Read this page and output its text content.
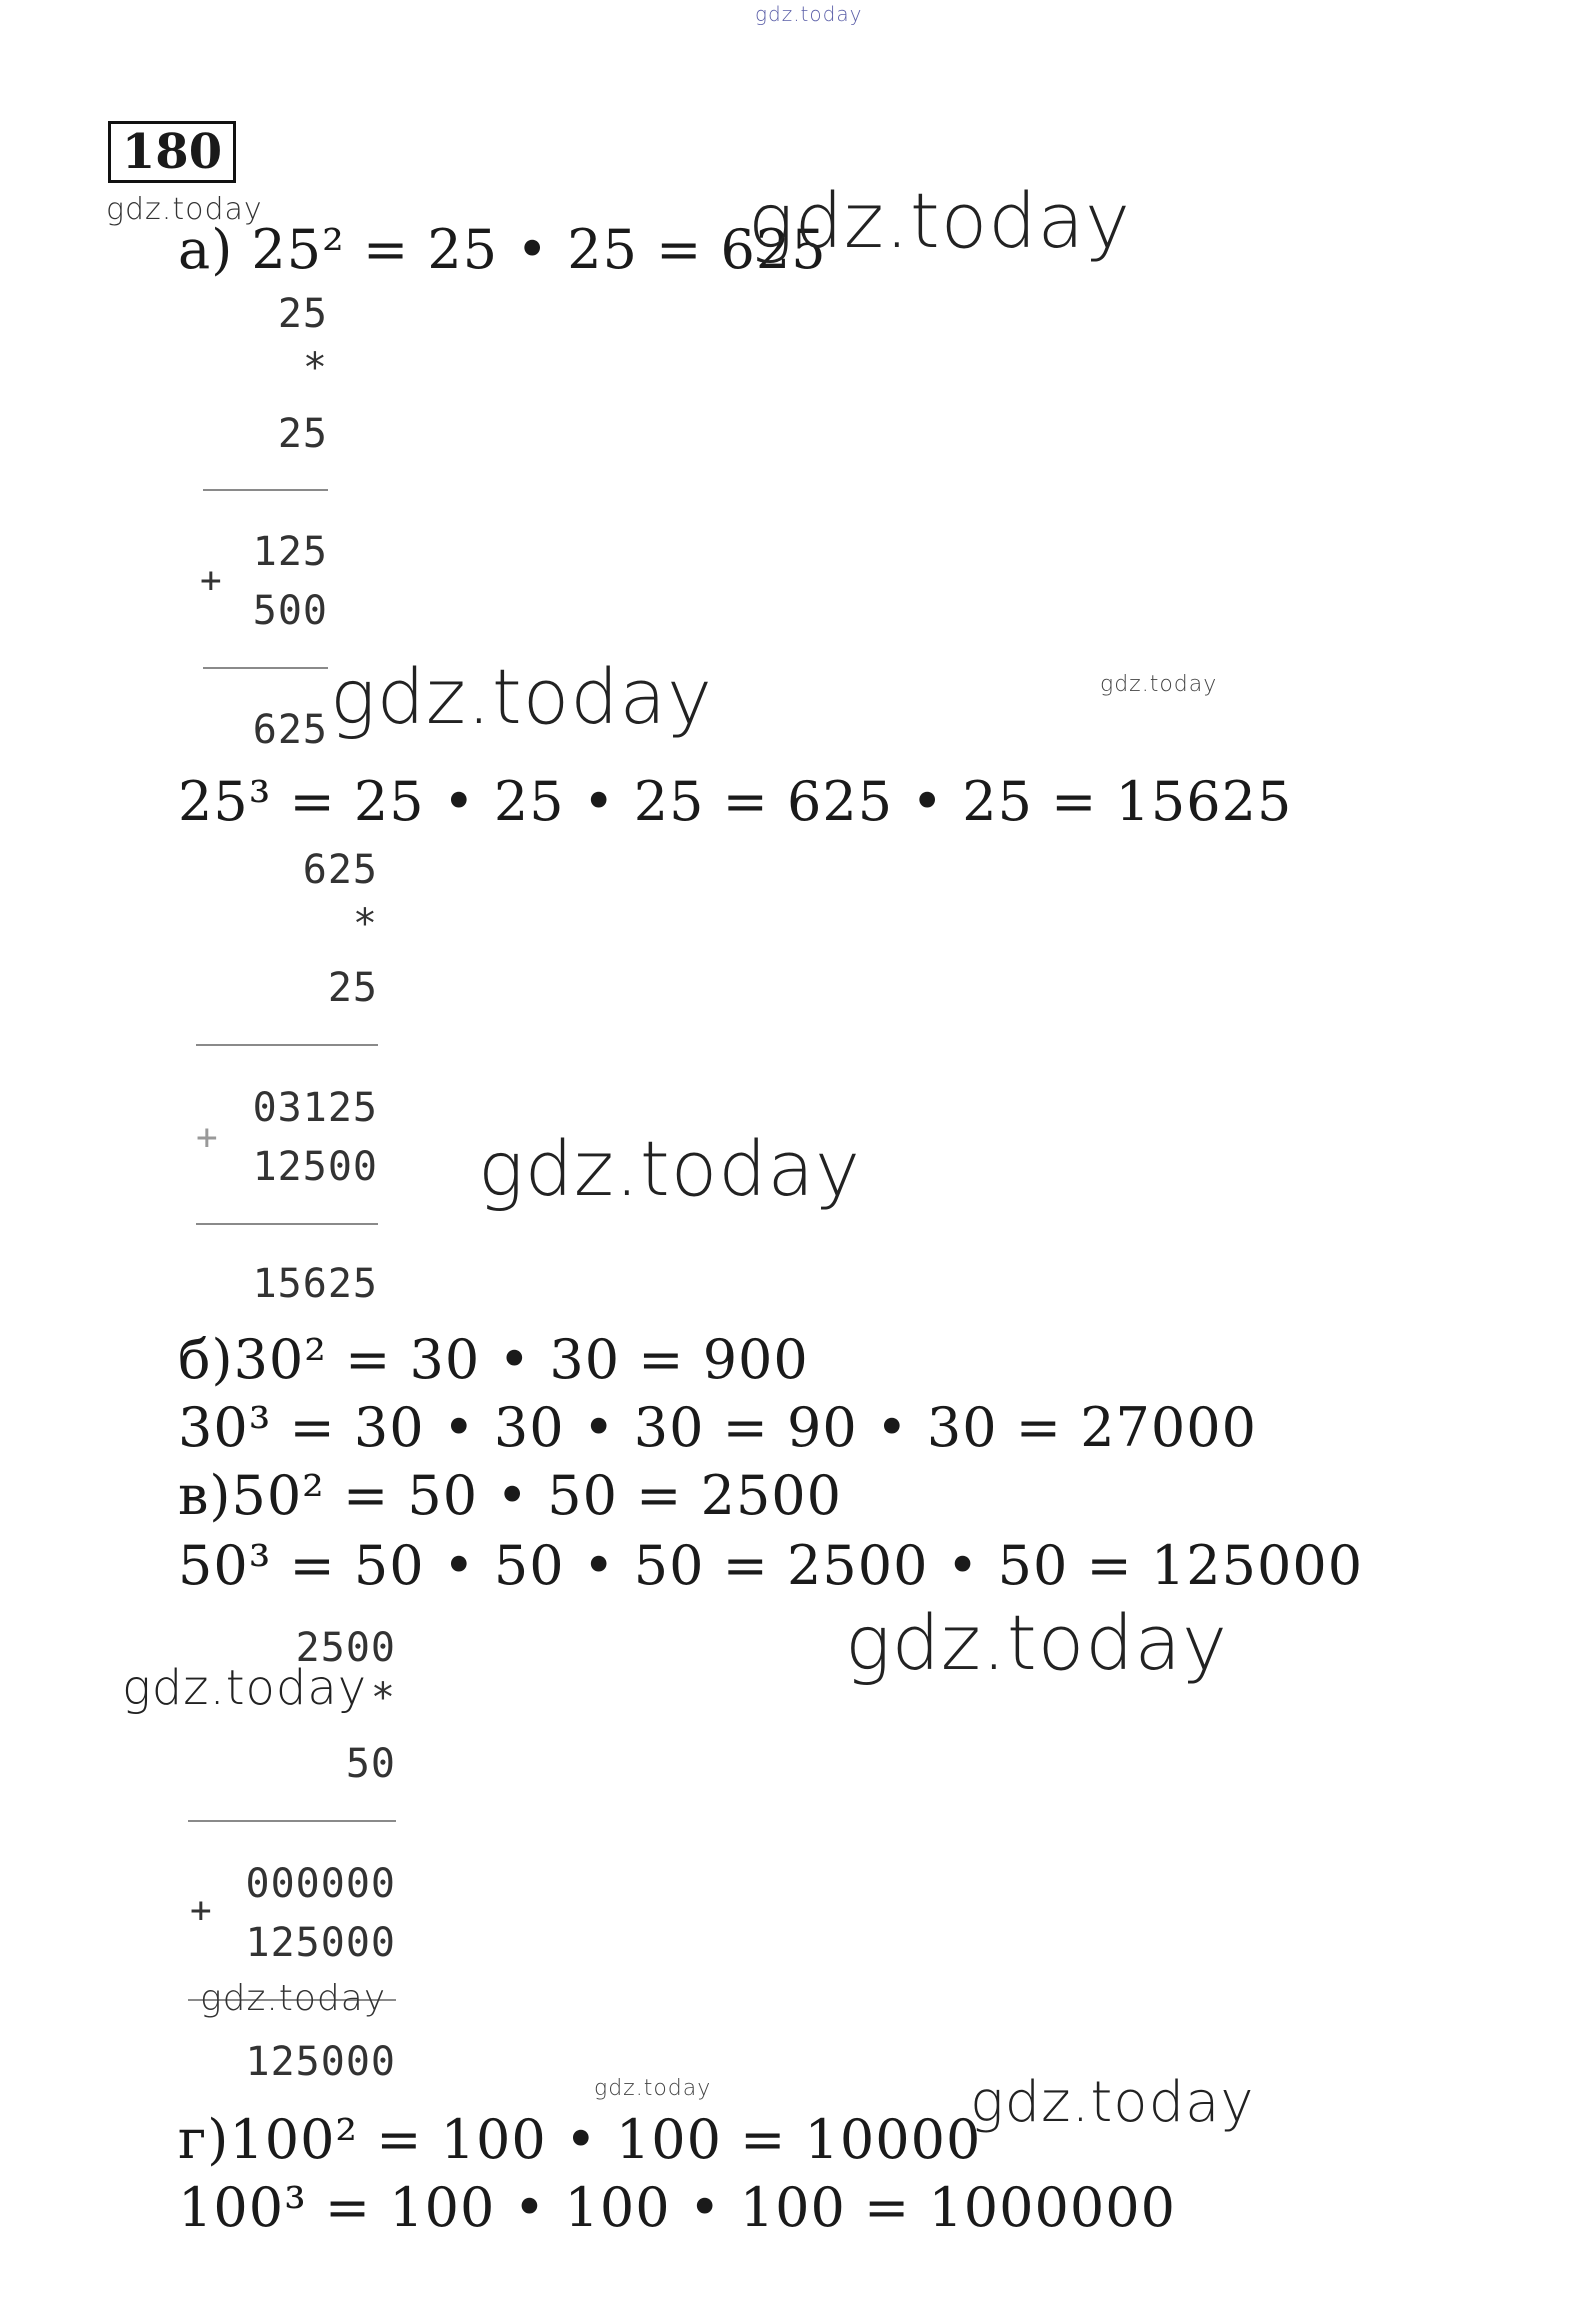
gdz.today
180
gdz.today
а) 25² = 25 • 25 = 625
gdz.today
25
*
25
+
125
500
625 gdz.today	gdz.today
25³ = 25 • 25 • 25 = 625 • 25 = 15625
625
*
25
+
03125
12500
15625
gdz.today
б)30² = 30 • 30 = 900
30³ = 30 • 30 • 30 = 90 • 30 = 27000
в)50² = 50 • 50 = 2500
50³ = 50 • 50 • 50 = 2500 • 50 = 125000
gdz.today
gdz.today
2500
*
50
+
000000
125000
125000
gdz.today
gdz.today	gdz.today
г)100² = 100 • 100 = 10000
100³ = 100 • 100 • 100 = 1000000
